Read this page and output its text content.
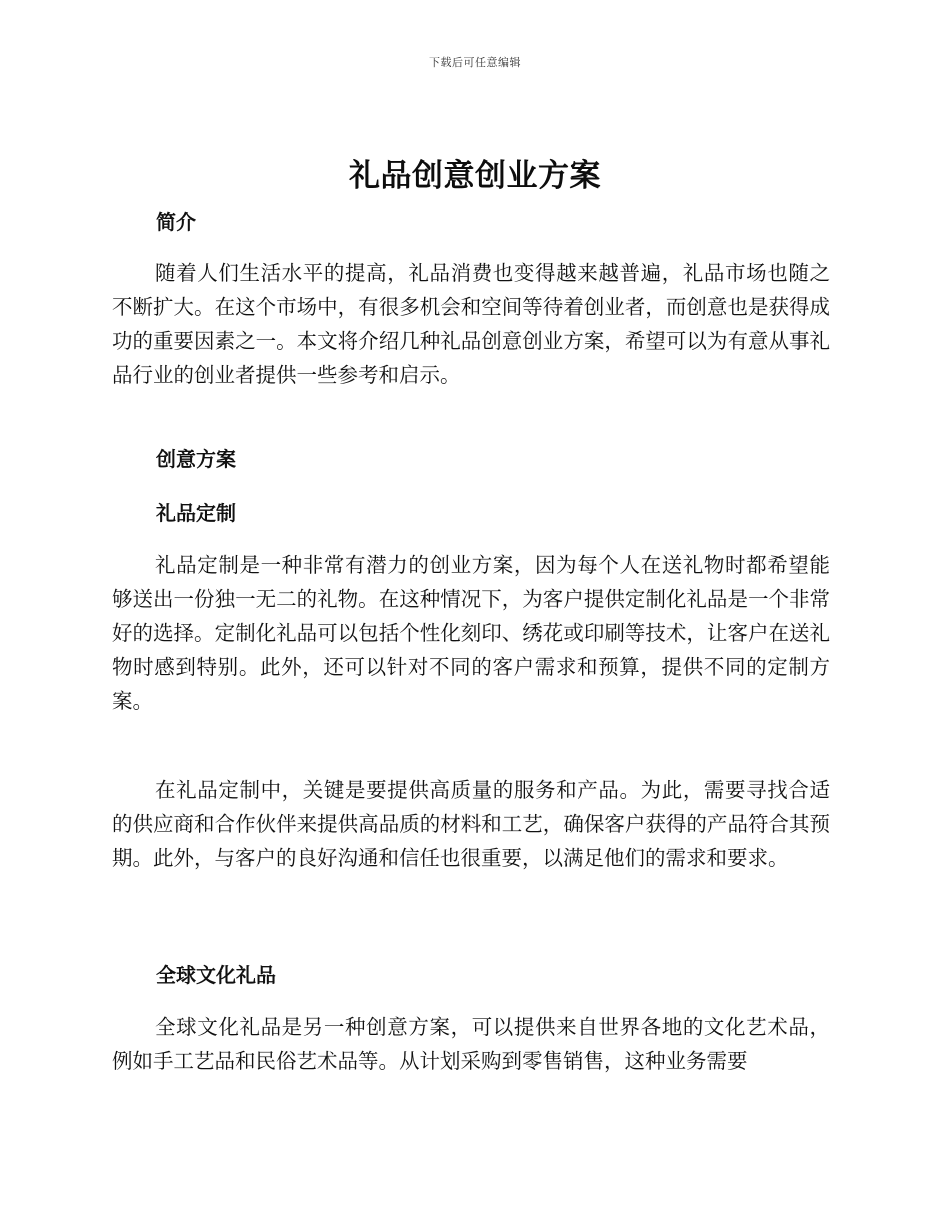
下载后可任意编辑
礼品创意创业方案
简介

随着人们生活水平的提高，礼品消费也变得越来越普遍，礼品市场也随之不断扩大。在这个市场中，有很多机会和空间等待着创业者，而创意也是获得成功的重要因素之一。本文将介绍几种礼品创意创业方案，希望可以为有意从事礼品行业的创业者提供一些参考和启示。

创意方案
礼品定制

礼品定制是一种非常有潜力的创业方案，因为每个人在送礼物时都希望能够送出一份独一无二的礼物。在这种情况下，为客户提供定制化礼品是一个非常好的选择。定制化礼品可以包括个性化刻印、绣花或印刷等技术，让客户在送礼物时感到特别。此外，还可以针对不同的客户需求和预算，提供不同的定制方案。

在礼品定制中，关键是要提供高质量的服务和产品。为此，需要寻找合适的供应商和合作伙伴来提供高品质的材料和工艺，确保客户获得的产品符合其预期。此外，与客户的良好沟通和信任也很重要，以满足他们的需求和要求。

全球文化礼品

全球文化礼品是另一种创意方案，可以提供来自世界各地的文化艺术品，例如手工艺品和民俗艺术品等。从计划采购到零售销售，这种业务需要
